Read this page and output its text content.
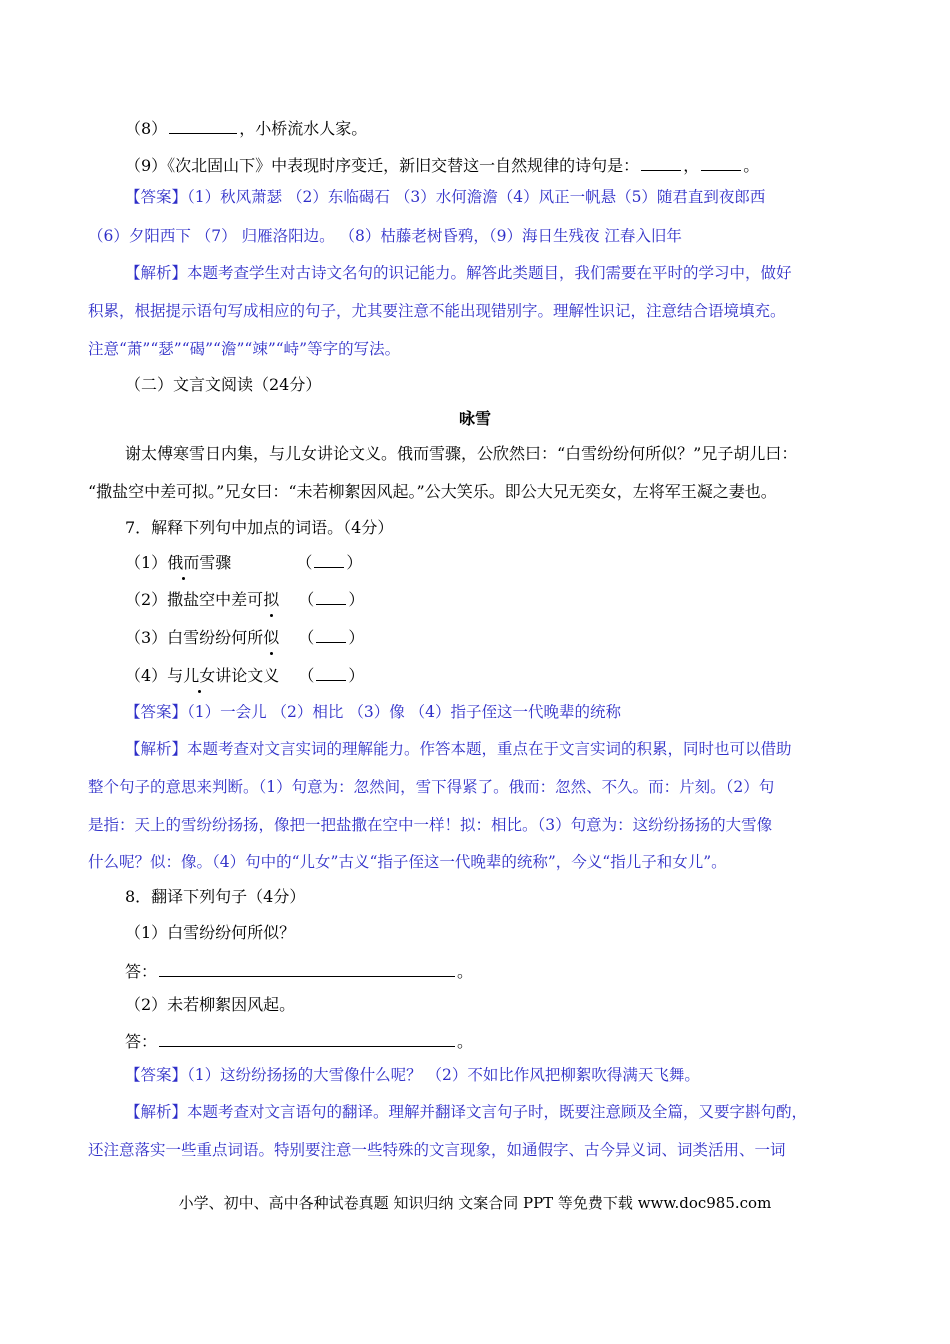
（8）	，小桥流水人家。
（9）《次北固山下》中表现时序变迁，新旧交替这一自然规律的诗句是：	，	。
【答案】（1）秋风萧瑟 （2）东临碣石 （3）水何澹澹（4）风正一帆悬（5）随君直到夜郎西
（6）夕阳西下 （7） 归雁洛阳边。 （8）枯藤老树昏鸦，（9）海日生残夜 江春入旧年
【解析】本题考查学生对古诗文名句的识记能力。解答此类题目，我们需要在平时的学习中，做好
积累，根据提示语句写成相应的句子，尤其要注意不能出现错别字。理解性识记，注意结合语境填充。
注意“萧”“瑟”“碣”“澹”“竦”“峙”等字的写法。
（二）文言文阅读（24分）
咏雪
谢太傅寒雪日内集，与儿女讲论文义。俄而雪骤，公欣然曰：“白雪纷纷何所似？”兄子胡儿曰：
“撒盐空中差可拟。”兄女曰：“未若柳絮因风起。”公大笑乐。即公大兄无奕女，左将军王凝之妻也。
7．解释下列句中加点的词语。（4分）
（1）俄而雪骤	（ ）
（2）撒盐空中差可拟 （ ）
（3）白雪纷纷何所似 （ ）
（4）与儿女讲论文义 （ ）
【答案】（1）一会儿 （2）相比 （3）像 （4）指子侄这一代晚辈的统称
【解析】本题考查对文言实词的理解能力。作答本题，重点在于文言实词的积累，同时也可以借助
整个句子的意思来判断。（1）句意为：忽然间，雪下得紧了。俄而：忽然、不久。而：片刻。（2）句
是指：天上的雪纷纷扬扬，像把一把盐撒在空中一样！拟：相比。（3）句意为：这纷纷扬扬的大雪像
什么呢？似：像。（4）句中的“儿女”古义“指子侄这一代晚辈的统称”，今义“指儿子和女儿”。
8．翻译下列句子（4分）
（1）白雪纷纷何所似？
答：	。
（2）未若柳絮因风起。
答：	。
【答案】（1）这纷纷扬扬的大雪像什么呢？ （2）不如比作风把柳絮吹得满天飞舞。
【解析】本题考查对文言语句的翻译。理解并翻译文言句子时，既要注意顾及全篇，又要字斟句酌，
还注意落实一些重点词语。特别要注意一些特殊的文言现象，如通假字、古今异义词、词类活用、一词
小学、初中、高中各种试卷真题 知识归纳 文案合同 PPT 等免费下载 www.doc985.com
